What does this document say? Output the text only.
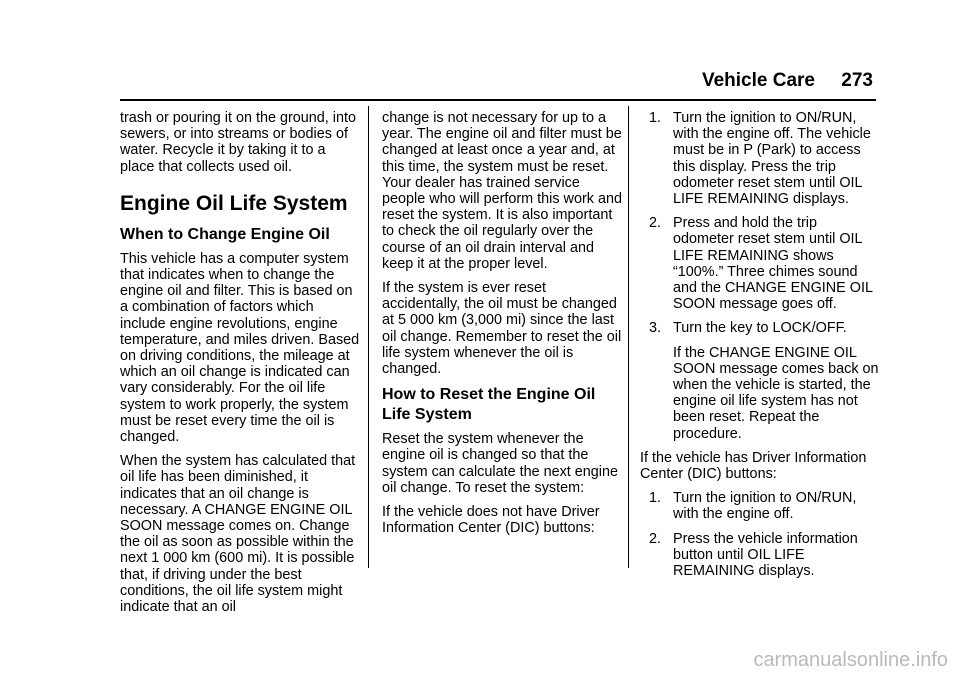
Vehicle Care 273

trash or pouring it on the ground, into sewers, or into streams or bodies of water. Recycle it by taking it to a place that collects used oil.

Engine Oil Life System
When to Change Engine Oil

This vehicle has a computer system that indicates when to change the engine oil and filter. This is based on a combination of factors which include engine revolutions, engine temperature, and miles driven. Based on driving conditions, the mileage at which an oil change is indicated can vary considerably. For the oil life system to work properly, the system must be reset every time the oil is changed.

When the system has calculated that oil life has been diminished, it indicates that an oil change is necessary. A CHANGE ENGINE OIL SOON message comes on. Change the oil as soon as possible within the next 1 000 km (600 mi). It is possible that, if driving under the best conditions, the oil life system might indicate that an oil

change is not necessary for up to a year. The engine oil and filter must be changed at least once a year and, at this time, the system must be reset. Your dealer has trained service people who will perform this work and reset the system. It is also important to check the oil regularly over the course of an oil drain interval and keep it at the proper level.

If the system is ever reset accidentally, the oil must be changed at 5 000 km (3,000 mi) since the last oil change. Remember to reset the oil life system whenever the oil is changed.

How to Reset the Engine Oil Life System

Reset the system whenever the engine oil is changed so that the system can calculate the next engine oil change. To reset the system:

If the vehicle does not have Driver Information Center (DIC) buttons:

1. Turn the ignition to ON/RUN, with the engine off. The vehicle must be in P (Park) to access this display. Press the trip odometer reset stem until OIL LIFE REMAINING displays.
2. Press and hold the trip odometer reset stem until OIL LIFE REMAINING shows “100%.” Three chimes sound and the CHANGE ENGINE OIL SOON message goes off.
3. Turn the key to LOCK/OFF.
If the CHANGE ENGINE OIL SOON message comes back on when the vehicle is started, the engine oil life system has not been reset. Repeat the procedure.

If the vehicle has Driver Information Center (DIC) buttons:

1. Turn the ignition to ON/RUN, with the engine off.
2. Press the vehicle information button until OIL LIFE REMAINING displays.
carmanualsonline.info
